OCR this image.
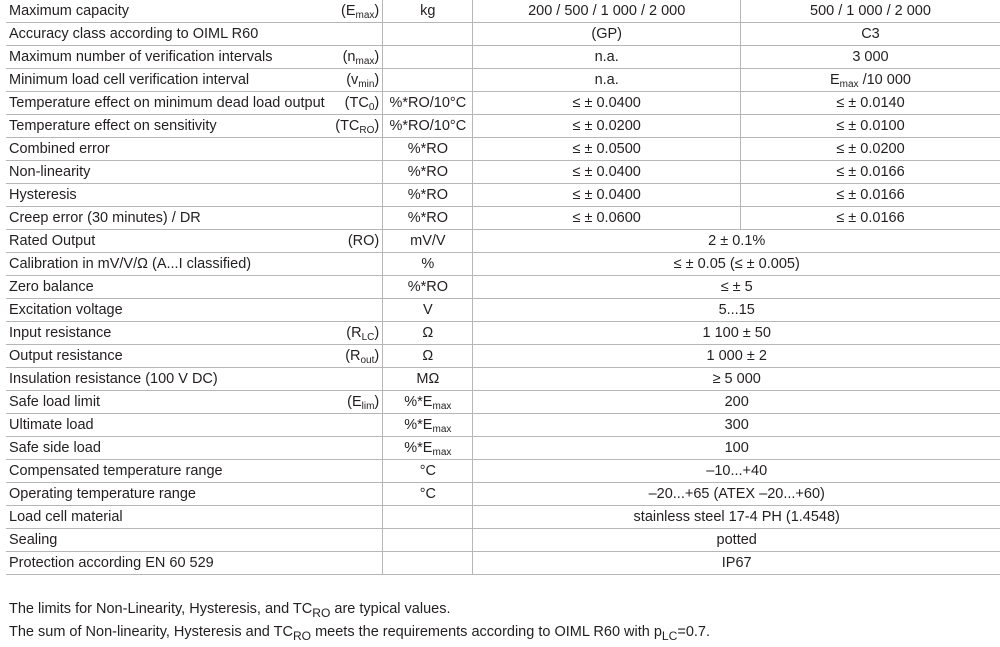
Maximum capacity $(E_{max})$	kg	200 / 500 / 1 000 / 2 000	500 / 1 000 / 2 000

Accuracy class according to OIML R60		(GP)	C3

Maximum number of verification intervals $(n_{max})$		n.a.	3 000

Minimum load cell verification interval $(v_{min})$		n.a.	$E_{max}$ /10 000

Temperature effect on minimum dead load output $(TC_0)$	%*RO/10°C	≤ ± 0.0400	≤ ± 0.0140

Temperature effect on sensitivity $(TC_{RO})$	%*RO/10°C	≤ ± 0.0200	≤ ± 0.0100

Combined error	%*RO	≤ ± 0.0500	≤ ± 0.0200

Non-linearity	%*RO	≤ ± 0.0400	≤ ± 0.0166

Hysteresis	%*RO	≤ ± 0.0400	≤ ± 0.0166

Creep error (30 minutes) / DR	%*RO	≤ ± 0.0600	≤ ± 0.0166

Rated Output (RO)	mV/V	2 ± 0.1%	

Calibration in mV/V/Ω (A...I classified)	%	≤ ± 0.05 (≤ ± 0.005)	

Zero balance	%*RO	≤ ± 5	

Excitation voltage	V	5...15	

Input resistance $(R_{LC})$	Ω	1 100 ± 50	

Output resistance $(R_{out})$	Ω	1 000 ± 2	

Insulation resistance (100 V DC)	MΩ	≥ 5 000	

Safe load limit $(E_{lim})$	$\%*E_{max}$	200	

Ultimate load	$\%*E_{max}$	300	

Safe side load	$\%*E_{max}$	100	

Compensated temperature range	°C	–10...+40	

Operating temperature range	°C	–20...+65 (ATEX –20...+60)	

Load cell material		stainless steel 17-4 PH (1.4548)	

Sealing		potted	

Protection according EN 60 529		IP67	

The limits for Non-Linearity, Hysteresis, and $TC_{RO}$ are typical values.

The sum of Non-linearity, Hysteresis and $TC_{RO}$ meets the requirements according to OIML R60 with $p_{LC}=0.7$.
